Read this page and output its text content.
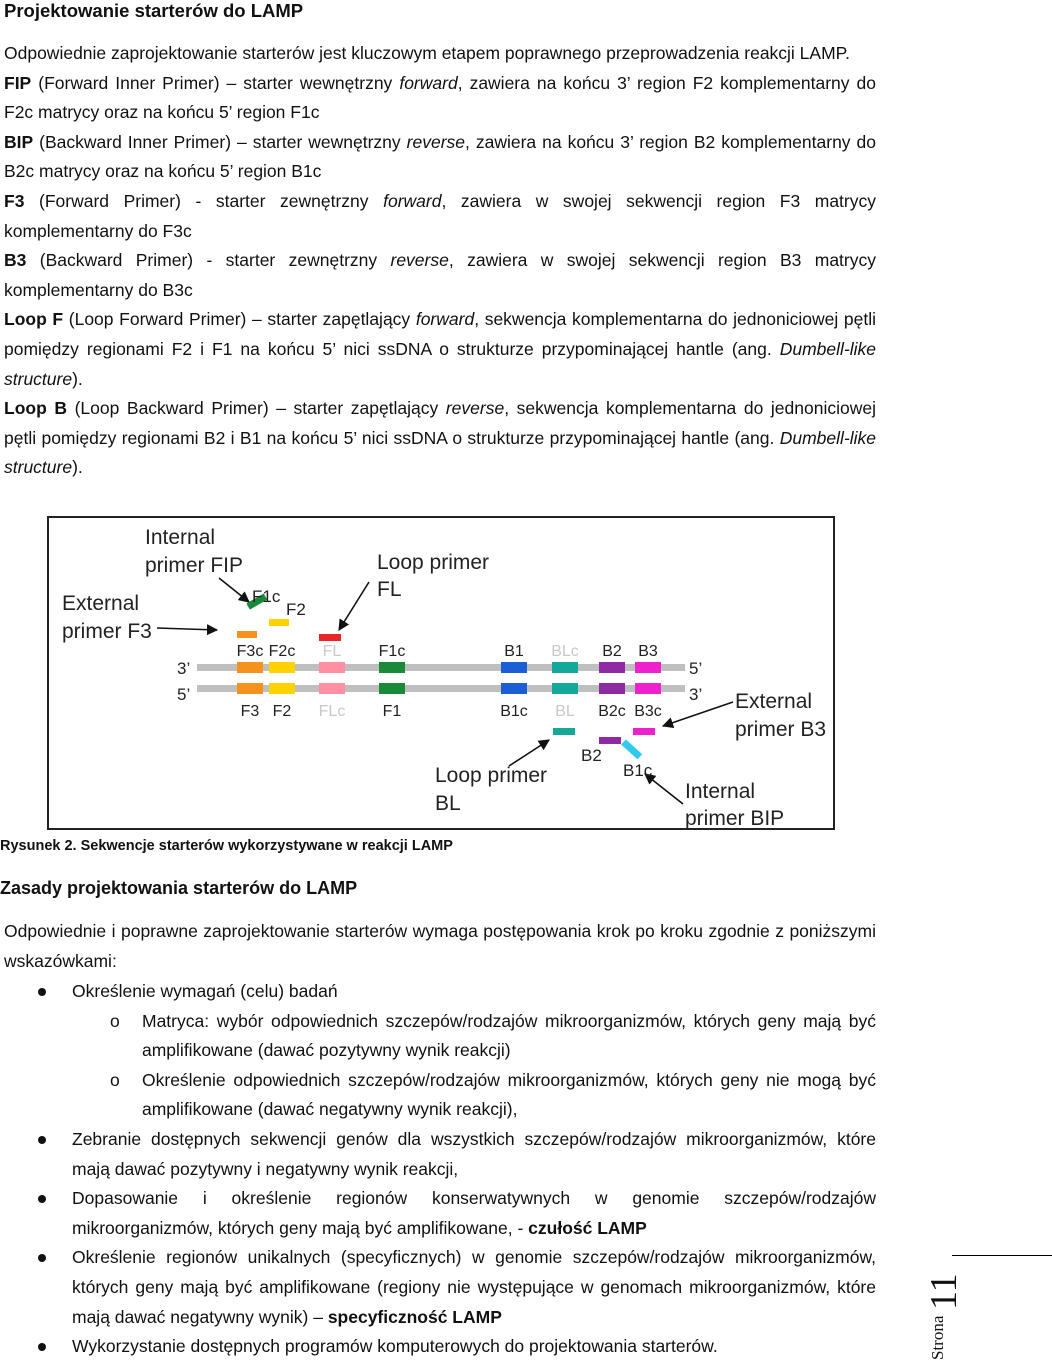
Projektowanie starterów do LAMP

Odpowiednie zaprojektowanie starterów jest kluczowym etapem poprawnego przeprowadzenia reakcji LAMP.

FIP (Forward Inner Primer) – starter wewnętrzny forward, zawiera na końcu 3’ region F2 komplementarny do F2c matrycy oraz na końcu 5’ region F1c

BIP (Backward Inner Primer) – starter wewnętrzny reverse, zawiera na końcu 3’ region B2 komplementarny do B2c matrycy oraz na końcu 5’ region B1c

F3 (Forward Primer) - starter zewnętrzny forward, zawiera w swojej sekwencji region F3 matrycy komplementarny do F3c

B3 (Backward Primer) - starter zewnętrzny reverse, zawiera w swojej sekwencji region B3 matrycy komplementarny do B3c

Loop F (Loop Forward Primer) – starter zapętlający forward, sekwencja komplementarna do jednoniciowej pętli pomiędzy regionami F2 i F1 na końcu 5’ nici ssDNA o strukturze przypominającej hantle (ang. Dumbell-like structure).

Loop B (Loop Backward Primer) – starter zapętlający reverse, sekwencja komplementarna do jednoniciowej pętli pomiędzy regionami B2 i B1 na końcu 5’ nici ssDNA o strukturze przypominającej hantle (ang. Dumbell-like structure).

Internal
primer FIP
External
primer F3
Loop primer
FL
Loop primer
BL
External
primer B3
Internal
primer BIP
F3c
F3
F2c
F2
FL
FLc
F1c
F1
B1
B1c
BLc
BL
B2
B2c
B3
B3c
3’
5’
5’
3’
F1c
F2
B2
B1c
Rysunek 2. Sekwencje starterów wykorzystywane w reakcji LAMP
Zasady projektowania starterów do LAMP

Odpowiednie i poprawne zaprojektowanie starterów wymaga postępowania krok po kroku zgodnie z poniższymi wskazówkami:

Określenie wymagań (celu) badań
o Matryca: wybór odpowiednich szczepów/rodzajów mikroorganizmów, których geny mają być amplifikowane (dawać pozytywny wynik reakcji)
o Określenie odpowiednich szczepów/rodzajów mikroorganizmów, których geny nie mogą być amplifikowane (dawać negatywny wynik reakcji),
Zebranie dostępnych sekwencji genów dla wszystkich szczepów/rodzajów mikroorganizmów, które mają dawać pozytywny i negatywny wynik reakcji,
Dopasowanie i określenie regionów konserwatywnych w genomie szczepów/rodzajów mikroorganizmów, których geny mają być amplifikowane, - czułość LAMP
Określenie regionów unikalnych (specyficznych) w genomie szczepów/rodzajów mikroorganizmów, których geny mają być amplifikowane (regiony nie występujące w genomach mikroorganizmów, które mają dawać negatywny wynik) – specyficzność LAMP
Wykorzystanie dostępnych programów komputerowych do projektowania starterów.	Strona
11
